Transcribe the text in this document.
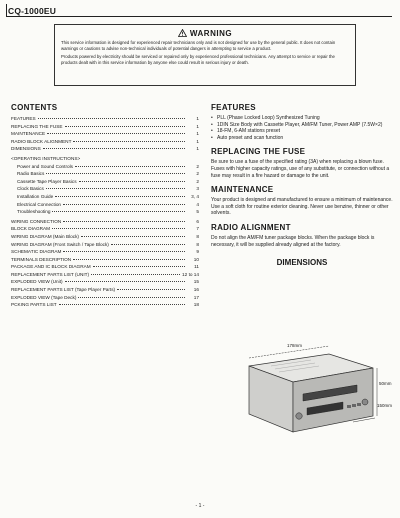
CQ-1000EU
WARNING

This service information is designed for experienced repair technicians only and is not designed for use by the general public. It does not contain warnings or cautions to advise non-technical individuals of potential dangers in attempting to service a product.

Products powered by electricity should be serviced or repaired only by experienced professional technicians. Any attempt to service or repair the products dealt with in this service information by anyone else could result in serious injury or death.

CONTENTS
FEATURES	1
REPLACING THE FUSE	1
MAINTENANCE	1
RADIO BLOCK ALIGNMENT	1
DIMENSIONS	1
<OPERATING INSTRUCTIONS>
Power and Sound Controls	2
Radio Basics	2
Cassette Tape Player Basics	2
Clock Basics	3
Installation Guide	3, 4
Electrical Connection	4
Troubleshooting	5
WIRING CONNECTION	6
BLOCK DIAGRAM	7
WIRING DIAGRAM (Main Block)	8
WIRING DIAGRAM (Front Switch / Tape Block)	8
SCHEMATIC DIAGRAM	9
TERMINALS DESCRIPTION	10
PACKAGE AND IC BLOCK DIAGRAM	11
REPLACEMENT PARTS LIST (UNIT)	12 to 14
EXPLODED VIEW (Unit)	15
REPLACEMENT PARTS LIST (Tape Player Parts)	16
EXPLODED VIEW (Tape Deck)	17
PCKING PARTS LIST	18
FEATURES
• PLL (Phase Locked Loop) Synthesized Tuning
• 1DIN Size Body with Cassette Player, AM/FM Tuner, Power AMP (7.5W×2)
• 18-FM, 6-AM stations preset
• Auto preset and scan function
REPLACING THE FUSE

Be sure to use a fuse of the specified rating (3A) when replacing a blown fuse. Fuses with higher capacity ratings, use of any substitute, or connection without a fuse may result in a fire hazard or damage to the unit.

MAINTENANCE

Your product is designed and manufactured to ensure a minimum of maintenance. Use a soft cloth for routine exterior cleaning. Never use benzine, thinner or other solvents.

RADIO ALIGNMENT

Do not align the AM/FM tuner package blocks. When the package block is necessary, it will be supplied already aligned at the factory.

DIMENSIONS
178mm
50mm
150mm
- 1 -
